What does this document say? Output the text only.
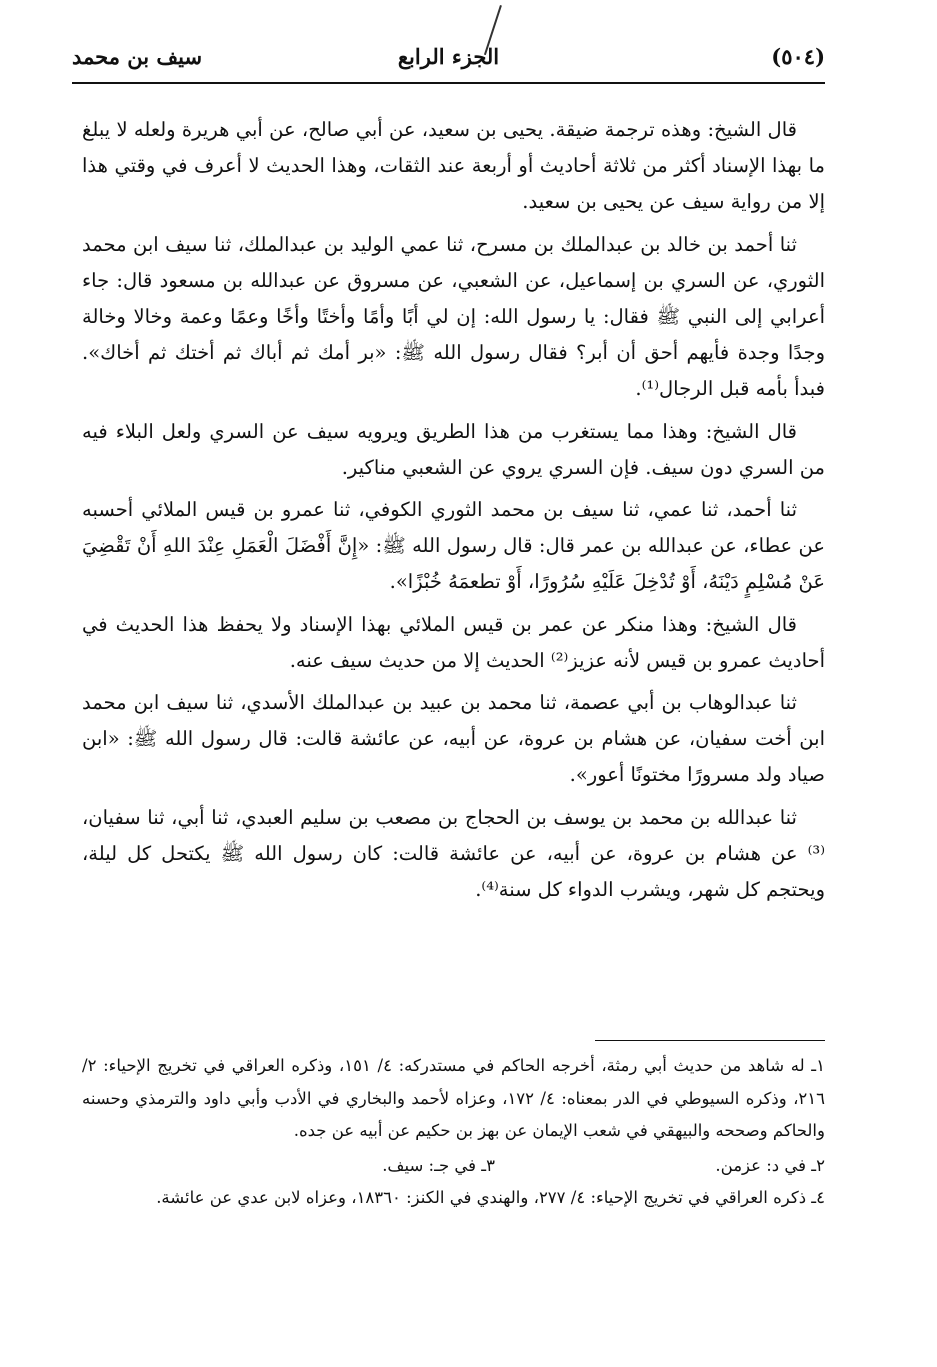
(٥٠٤)
الجزء الرابع
سيف بن محمد

قال الشيخ: وهذه ترجمة ضيقة. يحيى بن سعيد، عن أبي صالح، عن أبي هريرة ولعله لا يبلغ ما بهذا الإسناد أكثر من ثلاثة أحاديث أو أربعة عند الثقات، وهذا الحديث لا أعرف في وقتي هذا إلا من رواية سيف عن يحيى بن سعيد.

ثنا أحمد بن خالد بن عبدالملك بن مسرح، ثنا عمي الوليد بن عبدالملك، ثنا سيف ابن محمد الثوري، عن السري بن إسماعيل، عن الشعبي، عن مسروق عن عبدالله بن مسعود قال: جاء أعرابي إلى النبي ﷺ فقال: يا رسول الله: إن لي أبًا وأمًا وأختًا وأخًا وعمًا وعمة وخالا وخالة وجدًا وجدة فأيهم أحق أن أبر؟ فقال رسول الله ﷺ: «بر أمك ثم أباك ثم أختك ثم أخاك». فبدأ بأمه قبل الرجال⁽¹⁾.

قال الشيخ: وهذا مما يستغرب من هذا الطريق ويرويه سيف عن السري ولعل البلاء فيه من السري دون سيف. فإن السري يروي عن الشعبي مناكير.

ثنا أحمد، ثنا عمي، ثنا سيف بن محمد الثوري الكوفي، ثنا عمرو بن قيس الملائي أحسبه عن عطاء، عن عبدالله بن عمر قال: قال رسول الله ﷺ: «إِنَّ أَفْضَلَ الْعَمَلِ عِنْدَ اللهِ أَنْ تَقْضِيَ عَنْ مُسْلِمٍ دَيْنَهُ، أَوْ تُدْخِلَ عَلَيْهِ سُرُورًا، أَوْ تطعمَهُ خُبْزًا».

قال الشيخ: وهذا منكر عن عمر بن قيس الملائي بهذا الإسناد ولا يحفظ هذا الحديث في أحاديث عمرو بن قيس لأنه عزيز⁽²⁾ الحديث إلا من حديث سيف عنه.

ثنا عبدالوهاب بن أبي عصمة، ثنا محمد بن عبيد بن عبدالملك الأسدي، ثنا سيف ابن محمد ابن أخت سفيان، عن هشام بن عروة، عن أبيه، عن عائشة قالت: قال رسول الله ﷺ: «ابن صياد ولد مسرورًا مختونًا أعور».

ثنا عبدالله بن محمد بن يوسف بن الحجاج بن مصعب بن سليم العبدي، ثنا أبي، ثنا سفيان،⁽³⁾ عن هشام بن عروة، عن أبيه، عن عائشة قالت: كان رسول الله ﷺ يكتحل كل ليلة، ويحتجم كل شهر، ويشرب الدواء كل سنة⁽⁴⁾.

١ـ له شاهد من حديث أبي رمثة، أخرجه الحاكم في مستدركه: ٤/ ١٥١، وذكره العراقي في تخريج الإحياء: ٢/ ٢١٦، وذكره السيوطي في الدر بمعناه: ٤/ ١٧٢، وعزاه لأحمد والبخاري في الأدب وأبي داود والترمذي وحسنه والحاكم وصححه والبيهقي في شعب الإيمان عن بهز بن حكيم عن أبيه عن جده.

٢ـ في د: عزمن.
٣ـ في جـ: سيف.

٤ـ ذكره العراقي في تخريج الإحياء: ٤/ ٢٧٧، والهندي في الكنز: ١٨٣٦٠، وعزاه لابن عدي عن عائشة.
